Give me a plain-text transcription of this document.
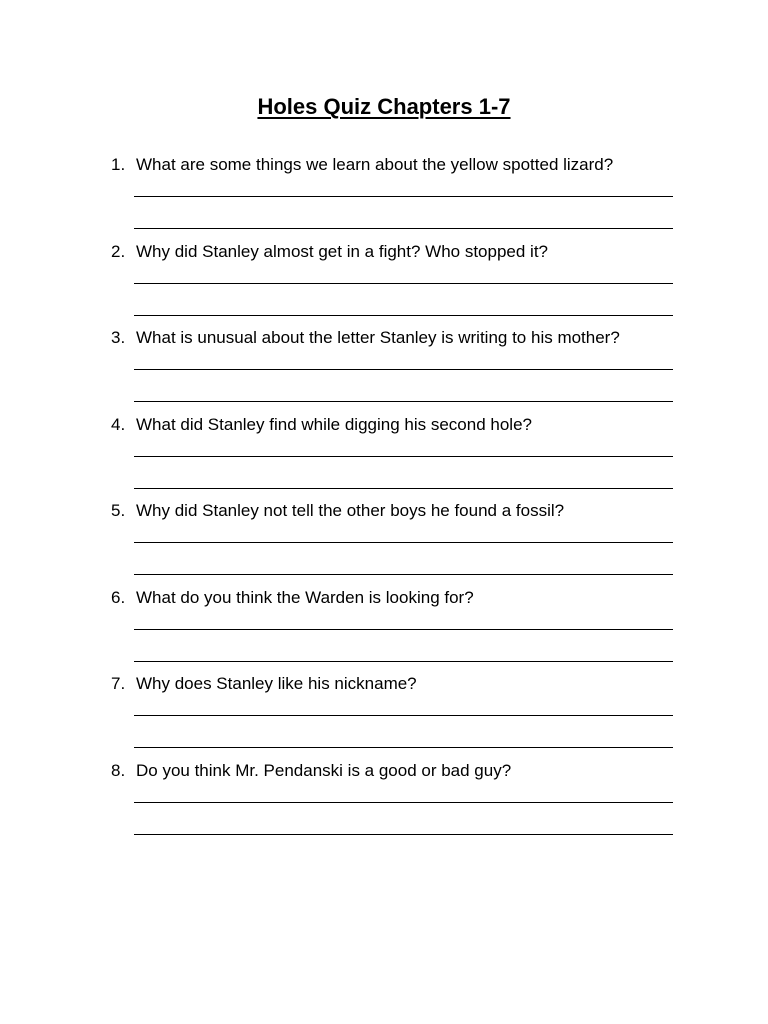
Holes Quiz Chapters 1-7
1. What are some things we learn about the yellow spotted lizard?
2. Why did Stanley almost get in a fight? Who stopped it?
3. What is unusual about the letter Stanley is writing to his mother?
4. What did Stanley find while digging his second hole?
5. Why did Stanley not tell the other boys he found a fossil?
6. What do you think the Warden is looking for?
7. Why does Stanley like his nickname?
8. Do you think Mr. Pendanski is a good or bad guy?
